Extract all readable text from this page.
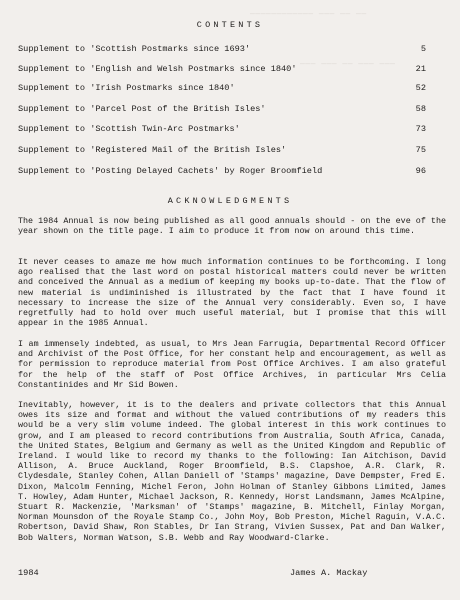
———————————— ——— —— ——
——— ——— —— ——— ———
CONTENTS
Supplement to 'Scottish Postmarks since 1693'	5
Supplement to 'English and Welsh Postmarks since 1840'	21
Supplement to 'Irish Postmarks since 1840'	52
Supplement to 'Parcel Post of the British Isles'	58
Supplement to 'Scottish Twin-Arc Postmarks'	73
Supplement to 'Registered Mail of the British Isles'	75
Supplement to 'Posting Delayed Cachets' by Roger Broomfield	96
ACKNOWLEDGMENTS
The 1984 Annual is now being published as all good annuals should - on the eve of the year shown on the title page. I aim to produce it from now on around this time.
It never ceases to amaze me how much information continues to be forthcoming. I long ago realised that the last word on postal historical matters could never be written and conceived the Annual as a medium of keeping my books up-to-date. That the flow of new material is undiminished is illustrated by the fact that I have found it necessary to increase the size of the Annual very considerably. Even so, I have regretfully had to hold over much useful material, but I promise that this will appear in the 1985 Annual.
I am immensely indebted, as usual, to Mrs Jean Farrugia, Departmental Record Officer and Archivist of the Post Office, for her constant help and encouragement, as well as for permission to reproduce material from Post Office Archives. I am also grateful for the help of the staff of Post Office Archives, in particular Mrs Celia Constantinides and Mr Sid Bowen.
Inevitably, however, it is to the dealers and private collectors that this Annual owes its size and format and without the valued contributions of my readers this would be a very slim volume indeed. The global interest in this work continues to grow, and I am pleased to record contributions from Australia, South Africa, Canada, the United States, Belgium and Germany as well as the United Kingdom and Republic of Ireland. I would like to record my thanks to the following: Ian Aitchison, David Allison, A. Bruce Auckland, Roger Broomfield, B.S. Clapshoe, A.R. Clark, R. Clydesdale, Stanley Cohen, Allan Daniell of 'Stamps' magazine, Dave Dempster, Fred E. Dixon, Malcolm Fenning, Michel Feron, John Holman of Stanley Gibbons Limited, James T. Howley, Adam Hunter, Michael Jackson, R. Kennedy, Horst Landsmann, James McAlpine, Stuart R. Mackenzie, 'Marksman' of 'Stamps' magazine, B. Mitchell, Finlay Morgan, Norman Mounsdon of the Royale Stamp Co., John Moy, Bob Preston, Michel Raguin, V.A.C. Robertson, David Shaw, Ron Stables, Dr Ian Strang, Vivien Sussex, Pat and Dan Walker, Bob Walters, Norman Watson, S.B. Webb and Ray Woodward-Clarke.
1984	James A. Mackay
